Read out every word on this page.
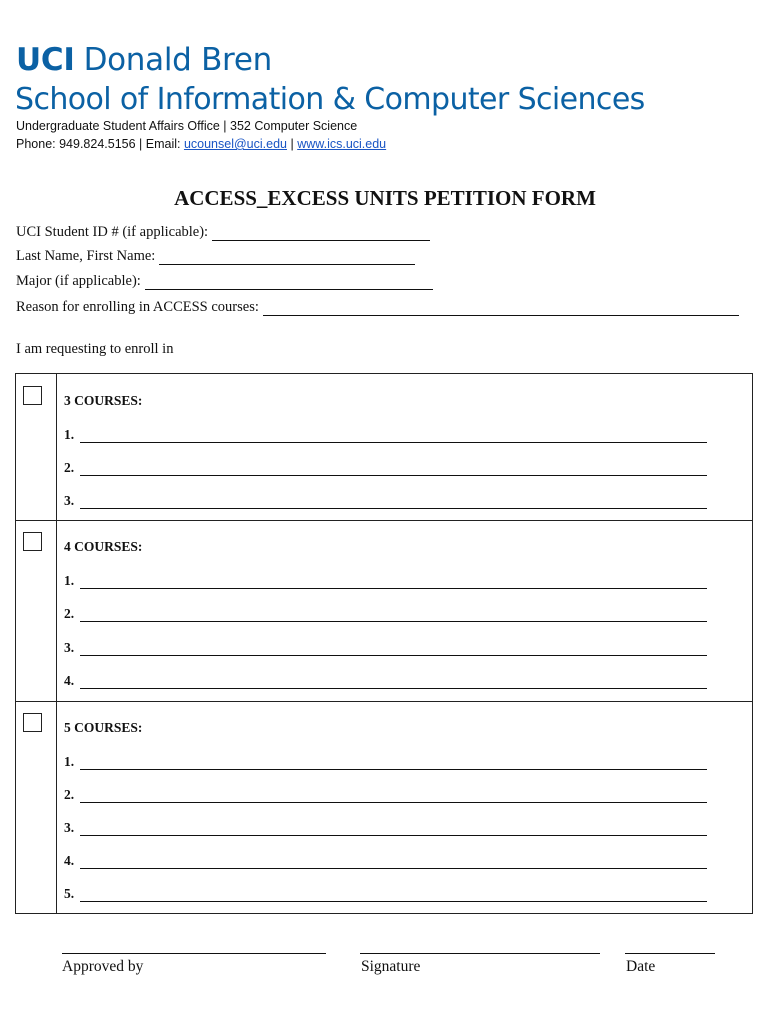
UCI Donald Bren
School of Information & Computer Sciences
Undergraduate Student Affairs Office | 352 Computer Science
Phone: 949.824.5156 | Email: ucounsel@uci.edu | www.ics.uci.edu
ACCESS_EXCESS UNITS PETITION FORM
UCI Student ID # (if applicable):
Last Name, First Name:
Major (if applicable):
Reason for enrolling in ACCESS courses:
I am requesting to enroll in
3 COURSES:
1.
2.
3.
4 COURSES:
1.
2.
3.
4.
5 COURSES:
1.
2.
3.
4.
5.
Approved by	Signature	Date
